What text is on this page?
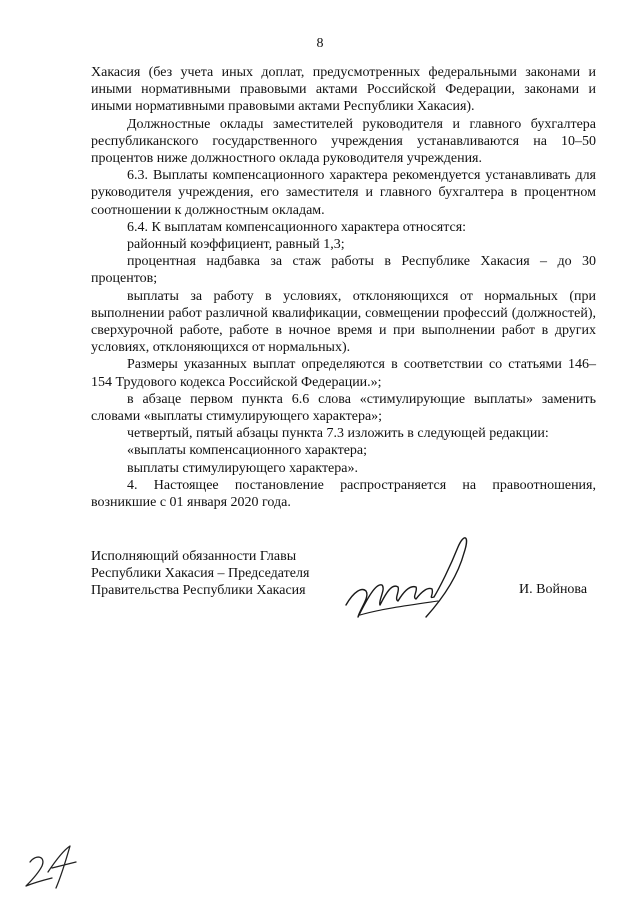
8

Хакасия (без учета иных доплат, предусмотренных федеральными законами и иными нормативными правовыми актами Российской Федерации, законами и иными нормативными правовыми актами Республики Хакасия).

Должностные оклады заместителей руководителя и главного бухгалтера республиканского государственного учреждения устанавливаются на 10–50 процентов ниже должностного оклада руководителя учреждения.

6.3. Выплаты компенсационного характера рекомендуется устанавливать для руководителя учреждения, его заместителя и главного бухгалтера в процентном соотношении к должностным окладам.

6.4. К выплатам компенсационного характера относятся:

районный коэффициент, равный 1,3;

процентная надбавка за стаж работы в Республике Хакасия – до 30 процентов;

выплаты за работу в условиях, отклоняющихся от нормальных (при выполнении работ различной квалификации, совмещении профессий (должностей), сверхурочной работе, работе в ночное время и при выполнении работ в других условиях, отклоняющихся от нормальных).

Размеры указанных выплат определяются в соответствии со статьями 146–154 Трудового кодекса Российской Федерации.»;

в абзаце первом пункта 6.6 слова «стимулирующие выплаты» заменить словами «выплаты стимулирующего характера»;

четвертый, пятый абзацы пункта 7.3 изложить в следующей редакции:

«выплаты компенсационного характера;

выплаты стимулирующего характера».

4. Настоящее постановление распространяется на правоотношения, возникшие с 01 января 2020 года.

Исполняющий обязанности Главы
Республики Хакасия – Председателя
Правительства Республики Хакасия	И. Войнова
